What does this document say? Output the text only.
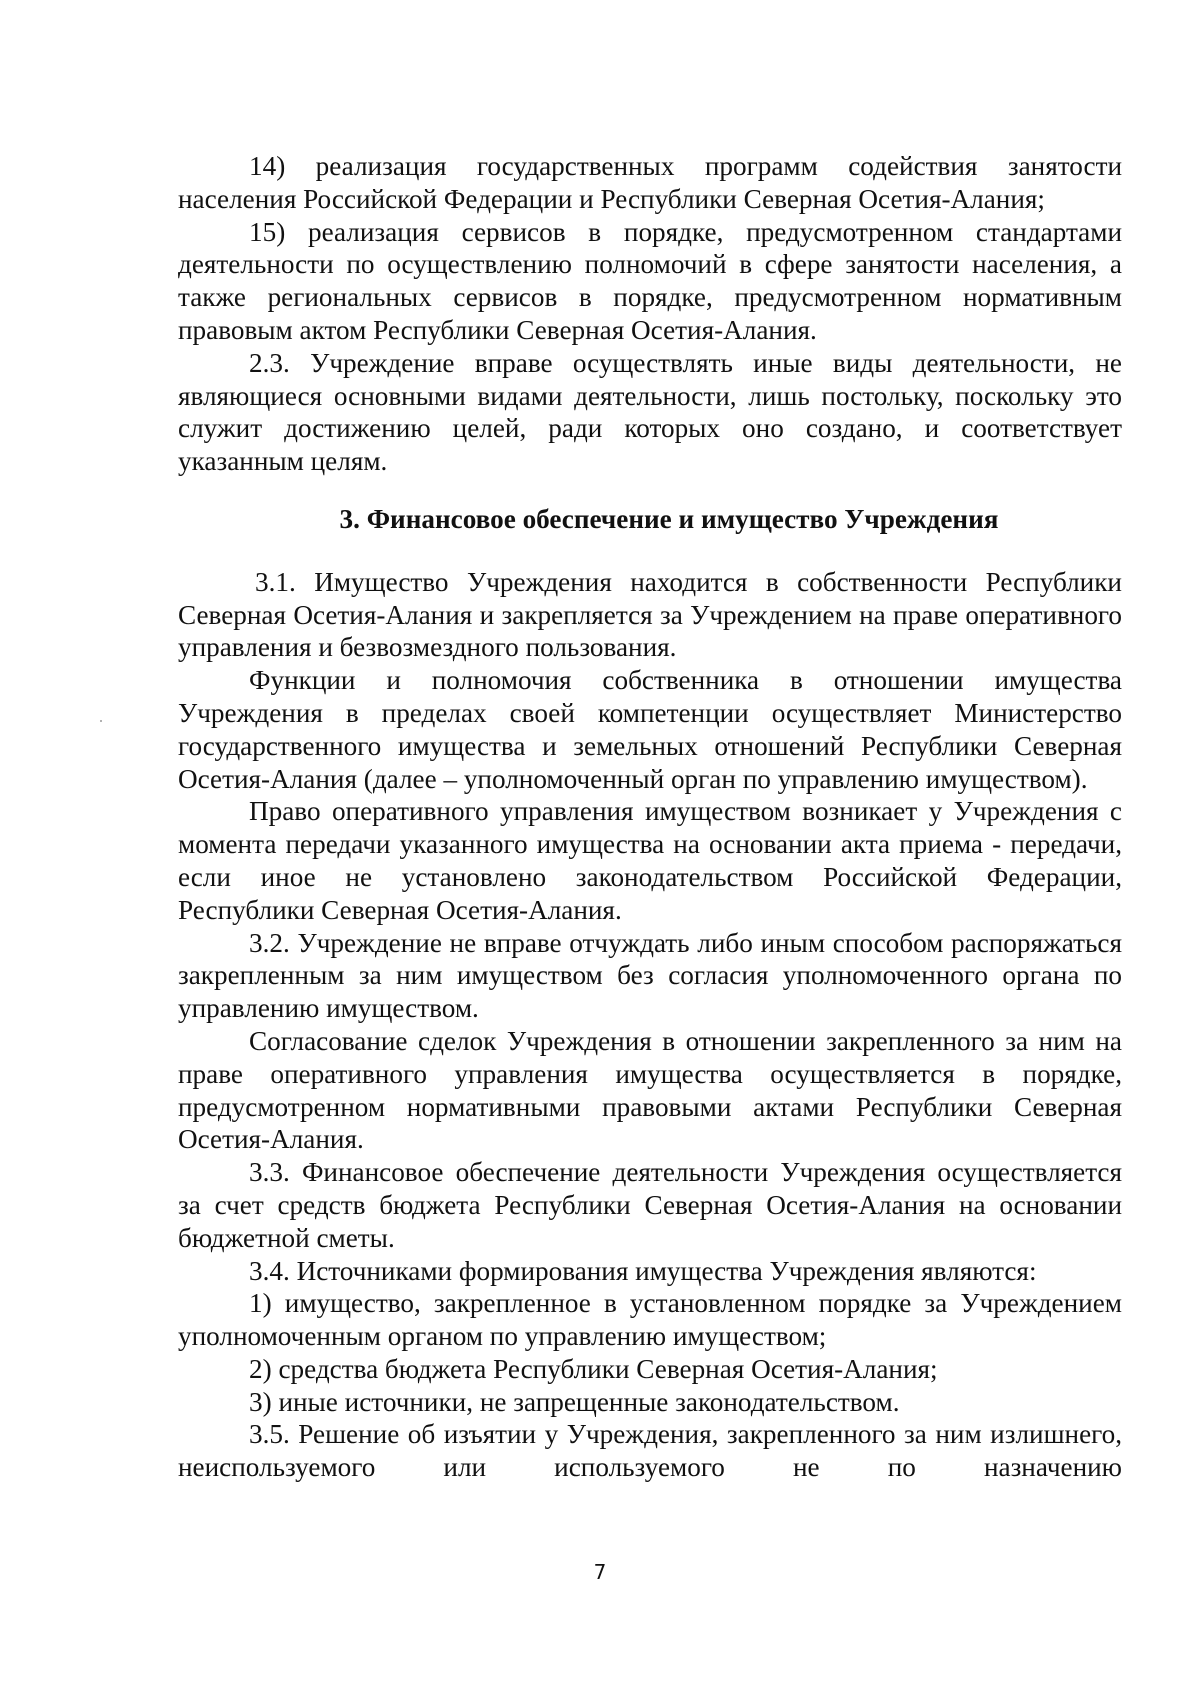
14) реализация государственных программ содействия занятости населения Российской Федерации и Республики Северная Осетия-Алания;

15) реализация сервисов в порядке, предусмотренном стандартами деятельности по осуществлению полномочий в сфере занятости населения, а также региональных сервисов в порядке, предусмотренном нормативным правовым актом Республики Северная Осетия-Алания.

2.3. Учреждение вправе осуществлять иные виды деятельности, не являющиеся основными видами деятельности, лишь постольку, поскольку это служит достижению целей, ради которых оно создано, и соответствует указанным целям.

3. Финансовое обеспечение и имущество Учреждения

3.1. Имущество Учреждения находится в собственности Республики Северная Осетия-Алания и закрепляется за Учреждением на праве оперативного управления и безвозмездного пользования.

Функции и полномочия собственника в отношении имущества Учреждения в пределах своей компетенции осуществляет Министерство государственного имущества и земельных отношений Республики Северная Осетия-Алания (далее – уполномоченный орган по управлению имуществом).

Право оперативного управления имуществом возникает у Учреждения с момента передачи указанного имущества на основании акта приема - передачи, если иное не установлено законодательством Российской Федерации, Республики Северная Осетия-Алания.

3.2. Учреждение не вправе отчуждать либо иным способом распоряжаться закрепленным за ним имуществом без согласия уполномоченного органа по управлению имуществом.

Согласование сделок Учреждения в отношении закрепленного за ним на праве оперативного управления имущества осуществляется в порядке, предусмотренном нормативными правовыми актами Республики Северная Осетия-Алания.

3.3. Финансовое обеспечение деятельности Учреждения осуществляется за счет средств бюджета Республики Северная Осетия-Алания на основании бюджетной сметы.

3.4. Источниками формирования имущества Учреждения являются:

1) имущество, закрепленное в установленном порядке за Учреждением уполномоченным органом по управлению имуществом;

2) средства бюджета Республики Северная Осетия-Алания;

3) иные источники, не запрещенные законодательством.

3.5. Решение об изъятии у Учреждения, закрепленного за ним излишнего, неиспользуемого или используемого не по назначению

7
